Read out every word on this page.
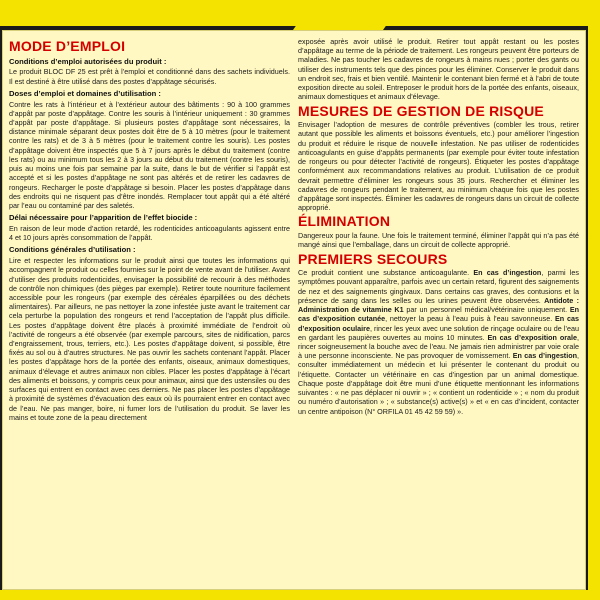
MODE D’EMPLOI
Conditions d’emploi autorisées du produit :

Le produit BLOC DF 25 est prêt à l’emploi et conditionné dans des sachets individuels. Il est destiné à être utilisé dans des postes d’appâtage sécurisés.

Doses d’emploi et domaines d’utilisation :

Contre les rats à l’intérieur et à l’extérieur autour des bâtiments : 90 à 100 grammes d’appât par poste d’appâtage. Contre les souris à l’intérieur uniquement : 30 grammes d’appât par poste d’appâtage. Si plusieurs postes d’appâtage sont nécessaires, la distance minimale séparant deux postes doit être de 5 à 10 mètres (pour le traitement contre les rats) et de 3 à 5 mètres (pour le traitement contre les souris). Les postes d’appâtage doivent être inspectés que 5 à 7 jours après le début du traitement (contre les rats) ou au minimum tous les 2 à 3 jours au début du traitement (contre les souris), puis au moins une fois par semaine par la suite, dans le but de vérifier si l’appât est accepté et si les postes d’appâtage ne sont pas altérés et de retirer les cadavres de rongeurs. Recharger le poste d’appâtage si besoin. Placer les postes d’appâtage dans des endroits qui ne risquent pas d’être inondés. Remplacer tout appât qui a été altéré par l’eau ou contaminé par des saletés.

Délai nécessaire pour l’apparition de l’effet biocide :

En raison de leur mode d’action retardé, les rodenticides anticoagulants agissent entre 4 et 10 jours après consommation de l’appât.

Conditions générales d’utilisation :

Lire et respecter les informations sur le produit ainsi que toutes les informations qui accompagnent le produit ou celles fournies sur le point de vente avant de l’utiliser. Avant d’utiliser des produits rodenticides, envisager la possibilité de recourir à des méthodes de contrôle non chimiques (des pièges par exemple). Retirer toute nourriture facilement accessible pour les rongeurs (par exemple des céréales éparpillées ou des déchets alimentaires). Par ailleurs, ne pas nettoyer la zone infestée juste avant le traitement car cela perturbe la population des rongeurs et rend l’acceptation de l’appât plus difficile. Les postes d’appâtage doivent être placés à proximité immédiate de l’endroit où l’activité de rongeurs a été observée (par exemple parcours, sites de nidification, parcs d’engraissement, trous, terriers, etc.). Les postes d’appâtage doivent, si possible, être fixés au sol ou à d’autres structures. Ne pas ouvrir les sachets contenant l’appât. Placer les postes d’appâtage hors de la portée des enfants, oiseaux, animaux domestiques, animaux d’élevage et autres animaux non cibles. Placer les postes d’appâtage à l’écart des aliments et boissons, y compris ceux pour animaux, ainsi que des ustensiles ou des surfaces qui entrent en contact avec ces derniers. Ne pas placer les postes d’appâtage à proximité de systèmes d’évacuation des eaux où ils pourraient entrer en contact avec de l’eau. Ne pas manger, boire, ni fumer lors de l’utilisation du produit. Se laver les mains et toute zone de la peau directement

exposée après avoir utilisé le produit. Retirer tout appât restant ou les postes d’appâtage au terme de la période de traitement. Les rongeurs peuvent être porteurs de maladies. Ne pas toucher les cadavres de rongeurs à mains nues ; porter des gants ou utiliser des instruments tels que des pinces pour les éliminer. Conserver le produit dans un endroit sec, frais et bien ventilé. Maintenir le contenant bien fermé et à l’abri de toute exposition directe au soleil. Entreposer le produit hors de la portée des enfants, oiseaux, animaux domestiques et animaux d’élevage.

MESURES DE GESTION DE RISQUE

Envisager l’adoption de mesures de contrôle préventives (combler les trous, retirer autant que possible les aliments et boissons éventuels, etc.) pour améliorer l’ingestion du produit et réduire le risque de nouvelle infestation. Ne pas utiliser de rodenticides anticoagulants en guise d’appâts permanents (par exemple pour éviter toute infestation de rongeurs ou pour détecter l’activité de rongeurs). Étiqueter les postes d’appâtage conformément aux recommandations relatives au produit. L’utilisation de ce produit devrait permettre d’éliminer les rongeurs sous 35 jours. Rechercher et éliminer les cadavres de rongeurs pendant le traitement, au minimum chaque fois que les postes d’appâtage sont inspectés. Éliminer les cadavres de rongeurs dans un circuit de collecte approprié.

ÉLIMINATION

Dangereux pour la faune. Une fois le traitement terminé, éliminer l’appât qui n’a pas été mangé ainsi que l’emballage, dans un circuit de collecte approprié.

PREMIERS SECOURS

Ce produit contient une substance anticoagulante. En cas d’ingestion, parmi les symptômes pouvant apparaître, parfois avec un certain retard, figurent des saignements de nez et des saignements gingivaux. Dans certains cas graves, des contusions et la présence de sang dans les selles ou les urines peuvent être observées. Antidote : Administration de vitamine K1 par un personnel médical/vétérinaire uniquement. En cas d’exposition cutanée, nettoyer la peau à l’eau puis à l’eau savonneuse. En cas d’exposition oculaire, rincer les yeux avec une solution de rinçage oculaire ou de l’eau en gardant les paupières ouvertes au moins 10 minutes. En cas d’exposition orale, rincer soigneusement la bouche avec de l’eau. Ne jamais rien administrer par voie orale à une personne inconsciente. Ne pas provoquer de vomissement. En cas d’ingestion, consulter immédiatement un médecin et lui présenter le contenant du produit ou l’étiquette. Contacter un vétérinaire en cas d’ingestion par un animal domestique. Chaque poste d’appâtage doit être muni d’une étiquette mentionnant les informations suivantes : « ne pas déplacer ni ouvrir » ; « contient un rodenticide » ; « nom du produit ou numéro d’autorisation » ; « substance(s) active(s) » et « en cas d’incident, contacter un centre antipoison (N° ORFILA 01 45 42 59 59) ».
